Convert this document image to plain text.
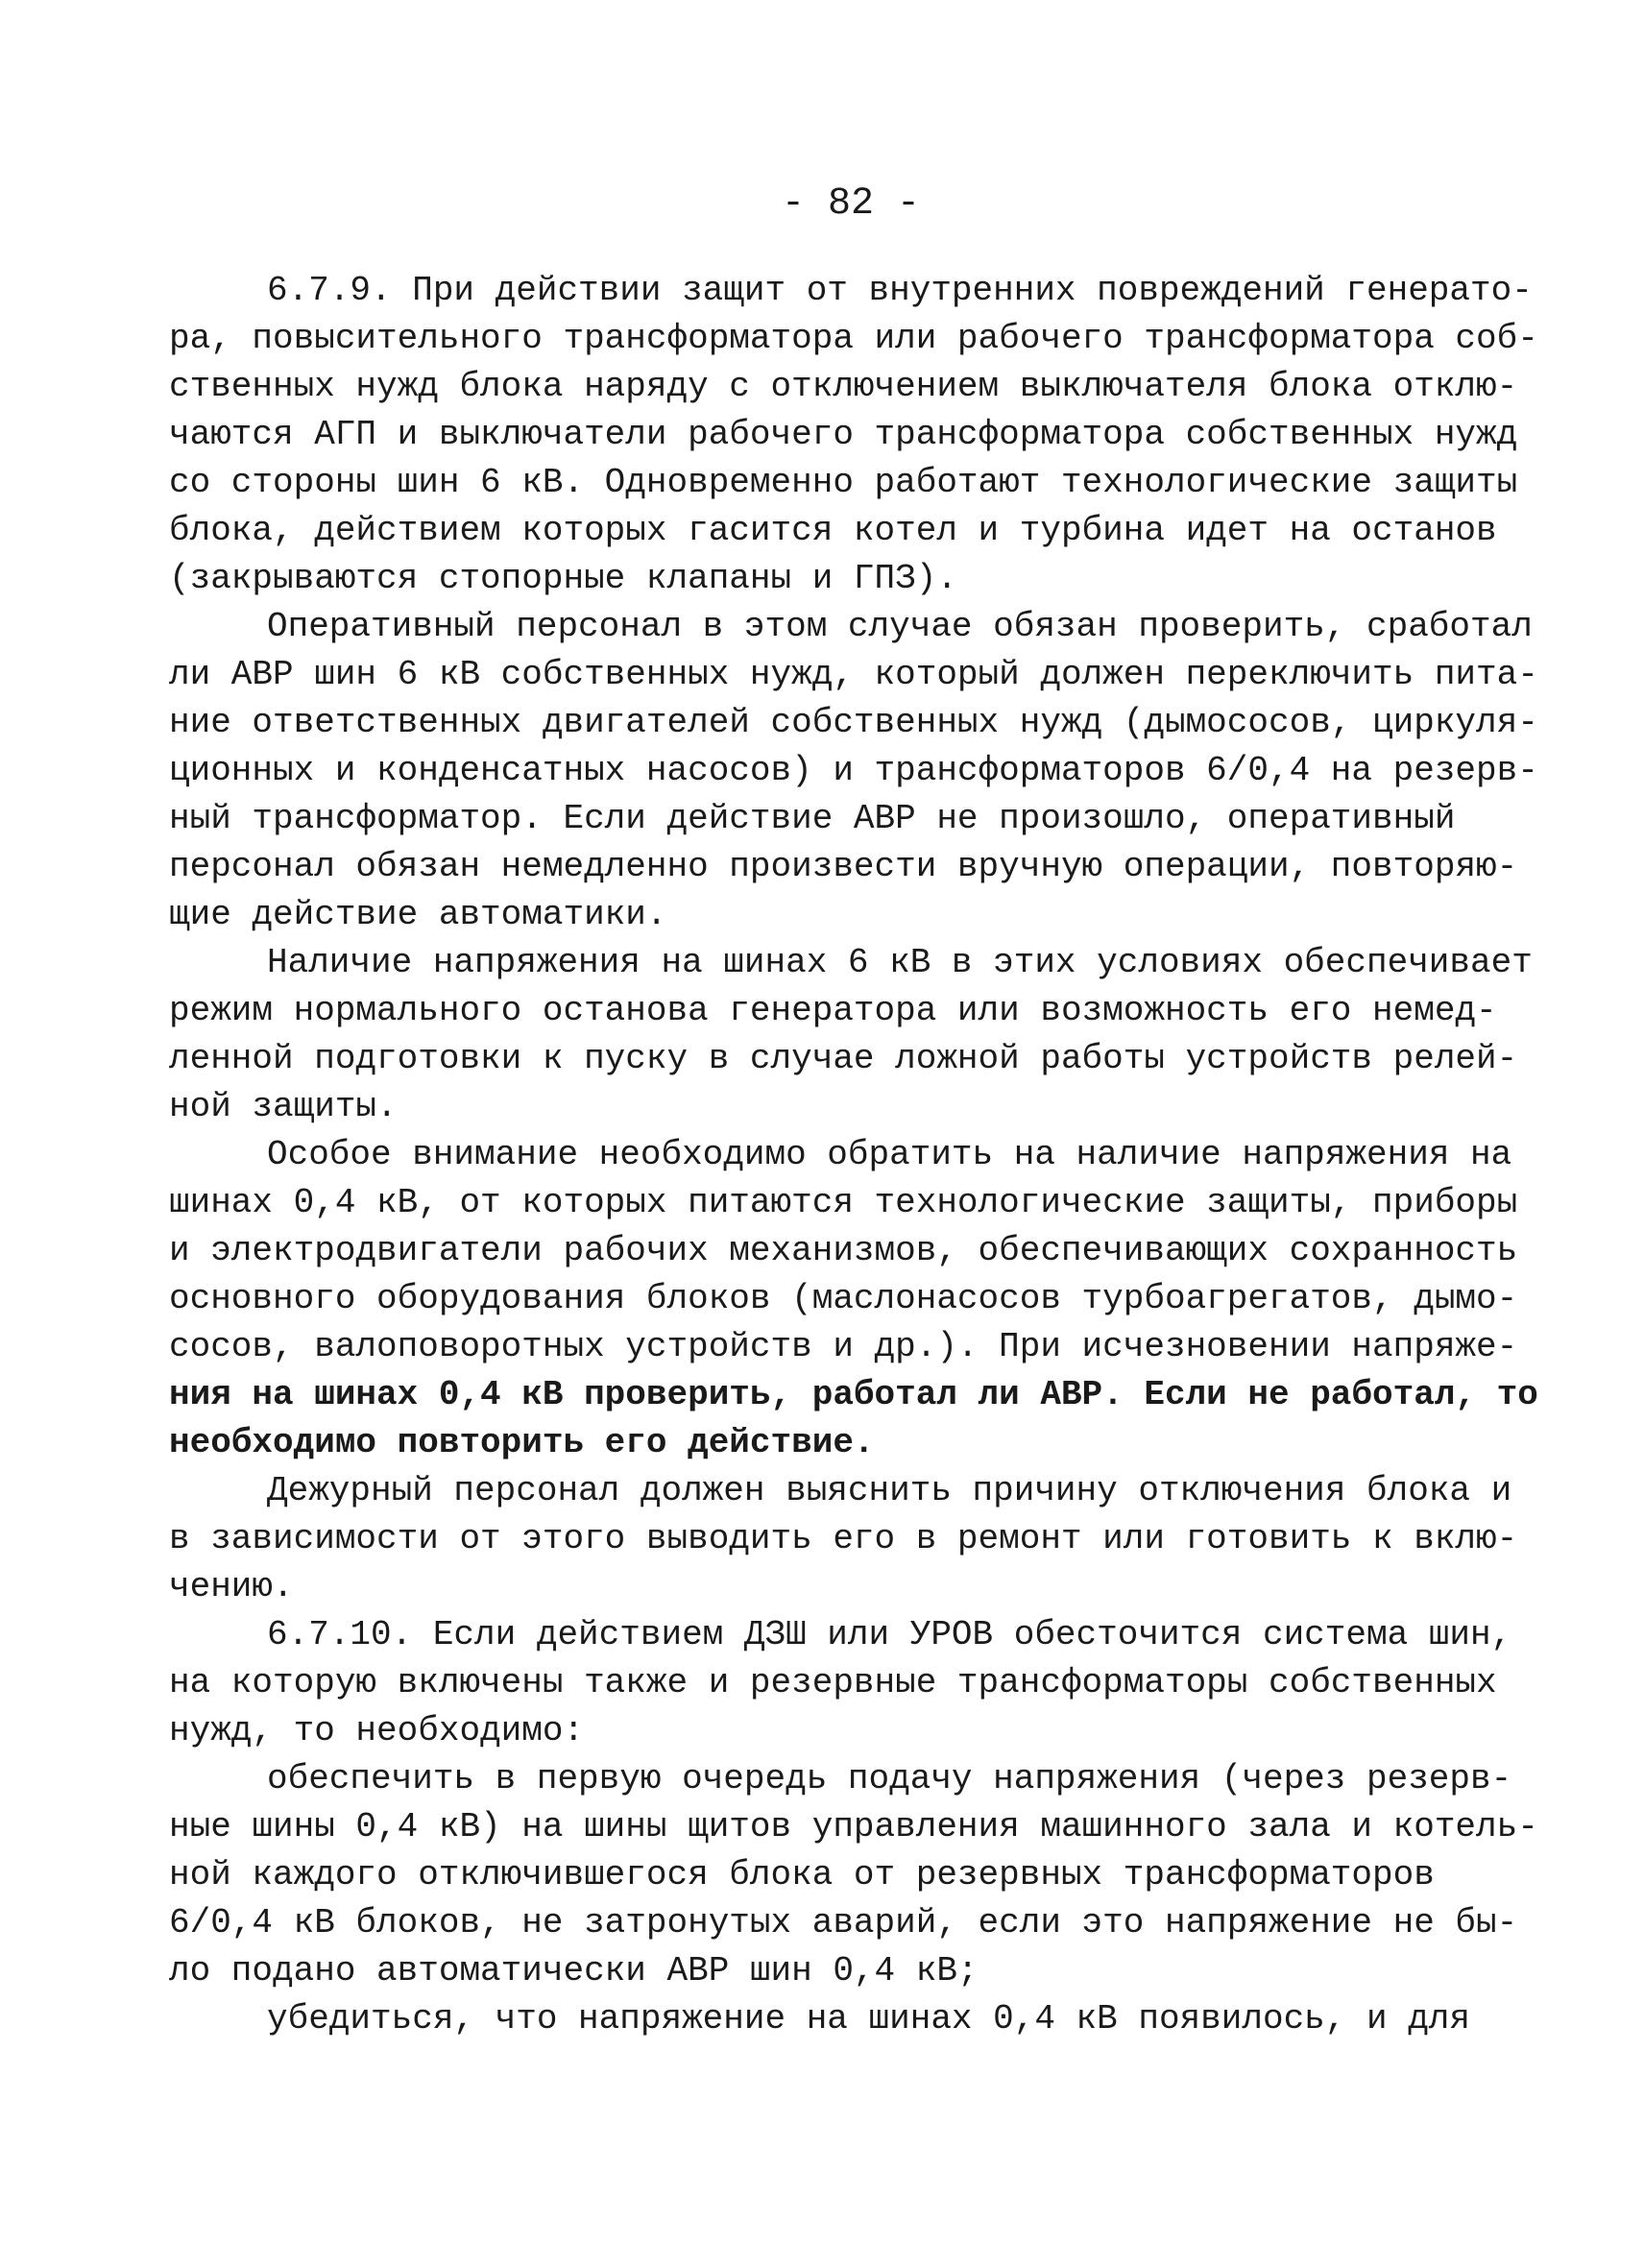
- 82 -
6.7.9. При действии защит от внутренних повреждений генерато-
ра, повысительного трансформатора или рабочего трансформатора соб-
ственных нужд блока наряду с отключением выключателя блока отклю-
чаются АГП и выключатели рабочего трансформатора собственных нужд
со стороны шин 6 кВ. Одновременно работают технологические защиты
блока, действием которых гасится котел и турбина идет на останов
(закрываются стопорные клапаны и ГПЗ).
Оперативный персонал в этом случае обязан проверить, сработал
ли АВР шин 6 кВ собственных нужд, который должен переключить пита-
ние ответственных двигателей собственных нужд (дымососов, циркуля-
ционных и конденсатных насосов) и трансформаторов 6/0,4 на резерв-
ный трансформатор. Если действие АВР не произошло, оперативный
персонал обязан немедленно произвести вручную операции, повторяю-
щие действие автоматики.
Наличие напряжения на шинах 6 кВ в этих условиях обеспечивает
режим нормального останова генератора или возможность его немед-
ленной подготовки к пуску в случае ложной работы устройств релей-
ной защиты.
Особое внимание необходимо обратить на наличие напряжения на
шинах 0,4 кВ, от которых питаются технологические защиты, приборы
и электродвигатели рабочих механизмов, обеспечивающих сохранность
основного оборудования блоков (маслонасосов турбоагрегатов, дымо-
сосов, валоповоротных устройств и др.). При исчезновении напряже-
ния на шинах 0,4 кВ проверить, работал ли АВР. Если не работал, то
необходимо повторить его действие.
Дежурный персонал должен выяснить причину отключения блока и
в зависимости от этого выводить его в ремонт или готовить к вклю-
чению.
6.7.10. Если действием ДЗШ или УРОВ обесточится система шин,
на которую включены также и резервные трансформаторы собственных
нужд, то необходимо:
обеспечить в первую очередь подачу напряжения (через резерв-
ные шины 0,4 кВ) на шины щитов управления машинного зала и котель-
ной каждого отключившегося блока от резервных трансформаторов
6/0,4 кВ блоков, не затронутых аварий, если это напряжение не бы-
ло подано автоматически АВР шин 0,4 кВ;
убедиться, что напряжение на шинах 0,4 кВ появилось, и для
